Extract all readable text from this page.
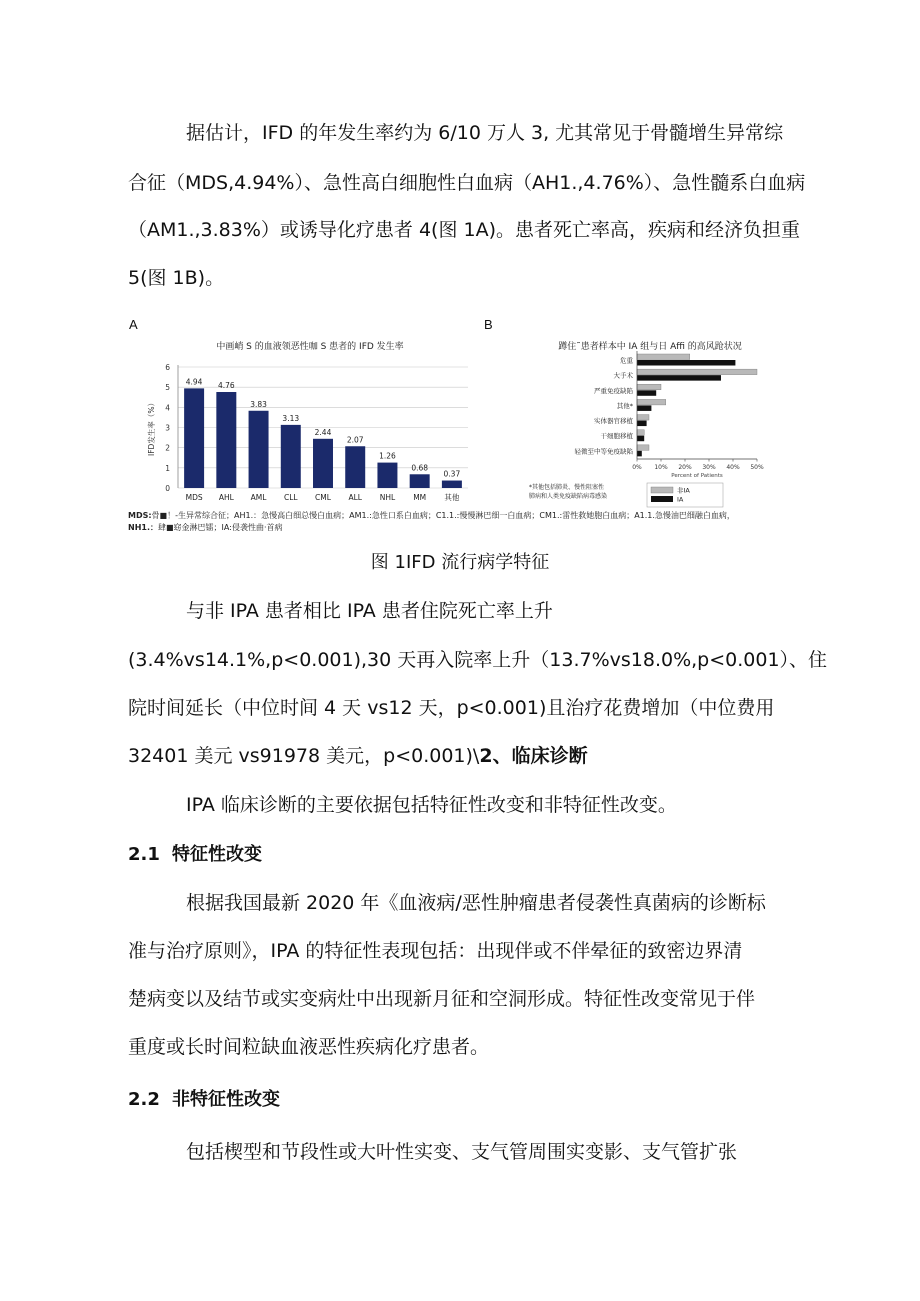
据估计，IFD 的年发生率约为 6/10 万人 3, 尤其常见于骨髓增生异常综
合征（MDS,4.94%）、急性高白细胞性白血病（AH1.,4.76%）、急性髓系白血病
（AM1.,3.83%）或诱导化疗患者 4(图 1A)。患者死亡率高，疾病和经济负担重
5(图 1B)。
A	B
中画峭 S 的血液领恶性咖 S 患者的 IFD 发生率
0
1
2
3
4
5
6
IFD发生率（%）
4.94
MDS
4.76
AHL
3.83
AML
3.13
CLL
2.44
CML
2.07
ALL
1.26
NHL
0.68
MM
0.37
其他
蹲住˜患者样本中 IA 组与日 Affi 的高风跄状况
危重
大手术
严重免疫缺陷
其他*
实体器官移植
干细胞移植
轻微至中等免疫缺陷
0% 10% 20% 30% 40% 50%
Percent of Patients
*其他包括肺炎、慢性阻塞性
肺病和人类免疫缺陷病毒感染
非IA
IA
MDS:骨■！-生异常综合征；AH1.：急慢高白细总慢白血病；AM1.:急性口系白血病；C1.1.:慢慢淋巴细一白血病；CM1.:雷性救她胞白血病；A1.1.急慢油巴细融白血病，
NH1.：肆■窈金淋巴镭；IA:侵袭性曲·首病
图 1IFD 流行病学特征
与非 IPA 患者相比 IPA 患者住院死亡率上升
(3.4%vs14.1%,p<0.001),30 天再入院率上升（13.7%vs18.0%,p<0.001）、住
院时间延长（中位时间 4 天 vs12 天，p<0.001)且治疗花费增加（中位费用
32401 美元 vs91978 美元，p<0.001)\2、临床诊断
IPA 临床诊断的主要依据包括特征性改变和非特征性改变。
2.1 特征性改变
根据我国最新 2020 年《血液病/恶性肿瘤患者侵袭性真菌病的诊断标
准与治疗原则》，IPA 的特征性表现包括：出现伴或不伴晕征的致密边界清
楚病变以及结节或实变病灶中出现新月征和空洞形成。特征性改变常见于伴
重度或长时间粒缺血液恶性疾病化疗患者。
2.2 非特征性改变
包括楔型和节段性或大叶性实变、支气管周围实变影、支气管扩张
